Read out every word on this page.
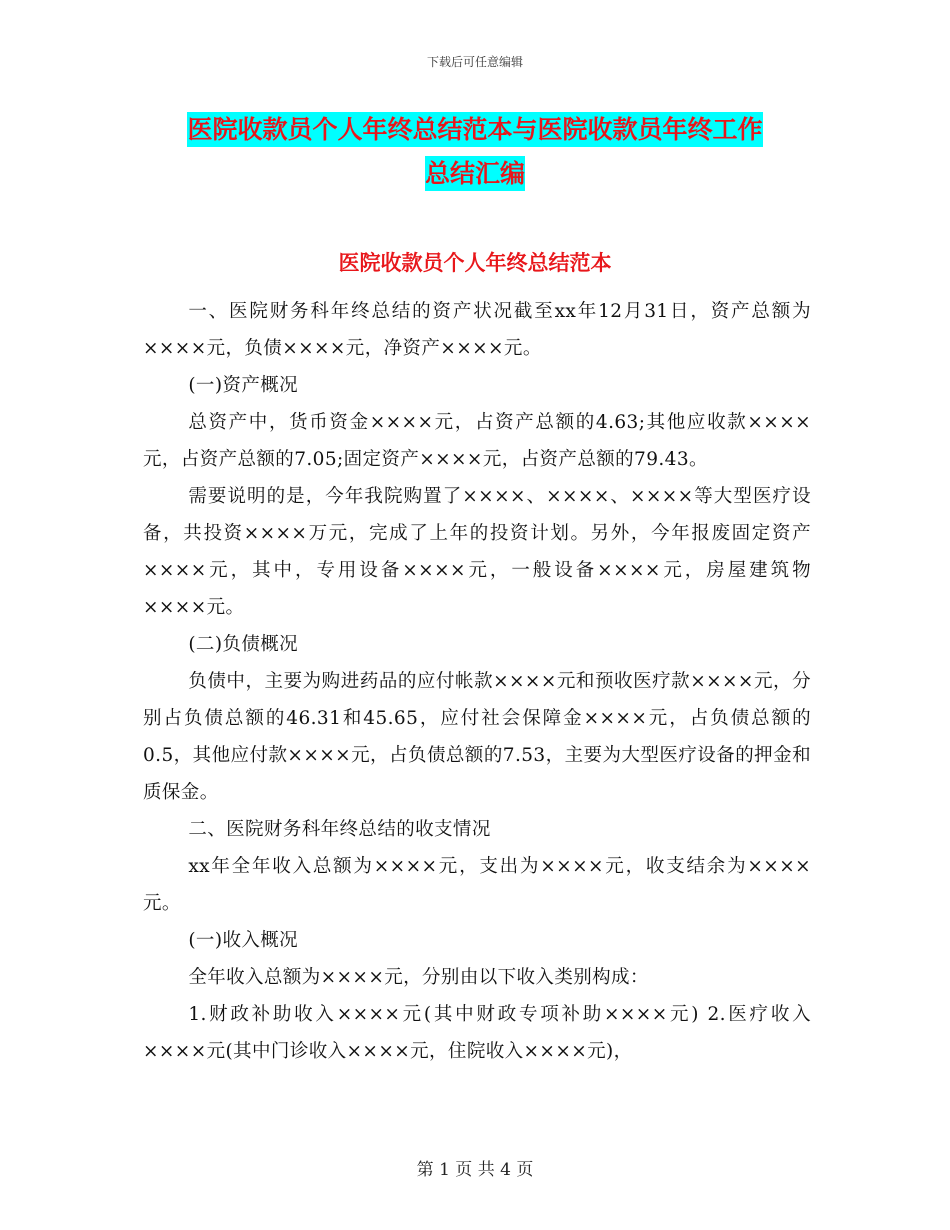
下载后可任意编辑
医院收款员个人年终总结范本与医院收款员年终工作
总结汇编
医院收款员个人年终总结范本

一、医院财务科年终总结的资产状况截至xx年12月31日，资产总额为××××元，负债××××元，净资产××××元。

(一)资产概况

总资产中，货币资金××××元，占资产总额的4.63;其他应收款××××元，占资产总额的7.05;固定资产××××元，占资产总额的79.43。

需要说明的是，今年我院购置了××××、××××、××××等大型医疗设备，共投资××××万元，完成了上年的投资计划。另外，今年报废固定资产××××元，其中，专用设备××××元，一般设备××××元，房屋建筑物××××元。

(二)负债概况

负债中，主要为购进药品的应付帐款××××元和预收医疗款××××元，分别占负债总额的46.31和45.65，应付社会保障金××××元，占负债总额的0.5，其他应付款××××元，占负债总额的7.53，主要为大型医疗设备的押金和质保金。

二、医院财务科年终总结的收支情况

xx年全年收入总额为××××元，支出为××××元，收支结余为××××元。

(一)收入概况

全年收入总额为××××元，分别由以下收入类别构成：

1.财政补助收入××××元(其中财政专项补助××××元) 2.医疗收入××××元(其中门诊收入××××元，住院收入××××元)，

第 1 页 共 4 页
